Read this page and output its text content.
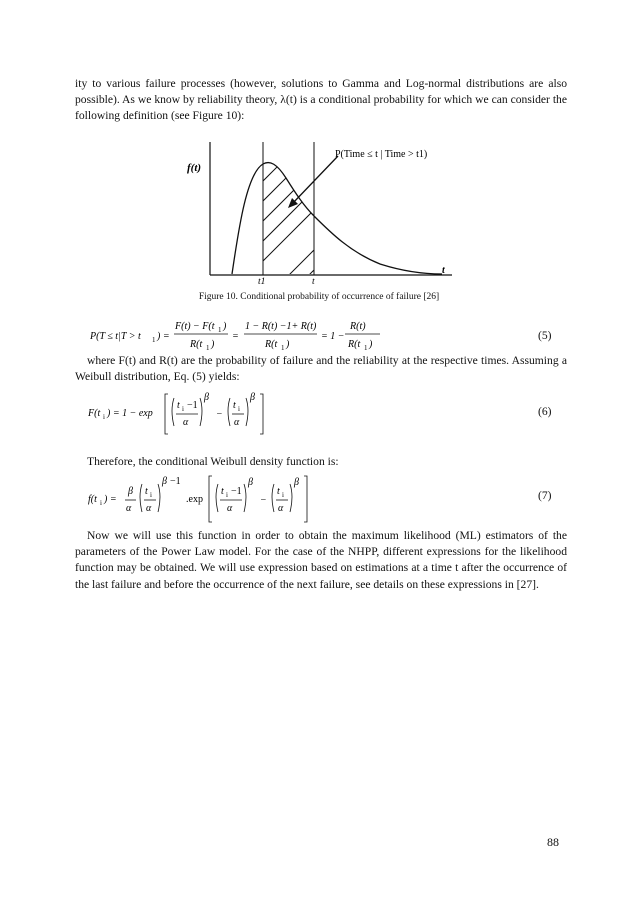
ity to various failure processes (however, solutions to Gamma and Log-normal distributions are also possible). As we know by reliability theory, λ(t) is a conditional probability for which we can consider the following definition (see Figure 10):

f(t)
P(Time ≤ t | Time > t1)
t1	t
t
Figure 10. Conditional probability of occurrence of failure [26]
P(T ≤ t|T > t 1 ) =
F(t) − F(t 1 )
R(t 1 )
=
1 − R(t) −1+ R(t)
R(t 1 )
= 1 −
R(t)
R(t 1 )
(5)

where F(t) and R(t) are the probability of failure and the reliability at the respective times. Assuming a Weibull distribution, Eq. (5) yields:

F(t i ) = 1 − exp
t i −1
α
β
−
t i
α
β
(6)

Therefore, the conditional Weibull density function is:

f(t i ) =
β
α
t i
α
β −1
.exp
t i −1
α
β
−
t i
α
β
(7)

Now we will use this function in order to obtain the maximum likelihood (ML) estimators of the parameters of the Power Law model. For the case of the NHPP, different expressions for the likelihood function may be obtained. We will use expression based on estimations at a time t after the occurrence of the last failure and before the occurrence of the next failure, see details on these expressions in [27].

88
